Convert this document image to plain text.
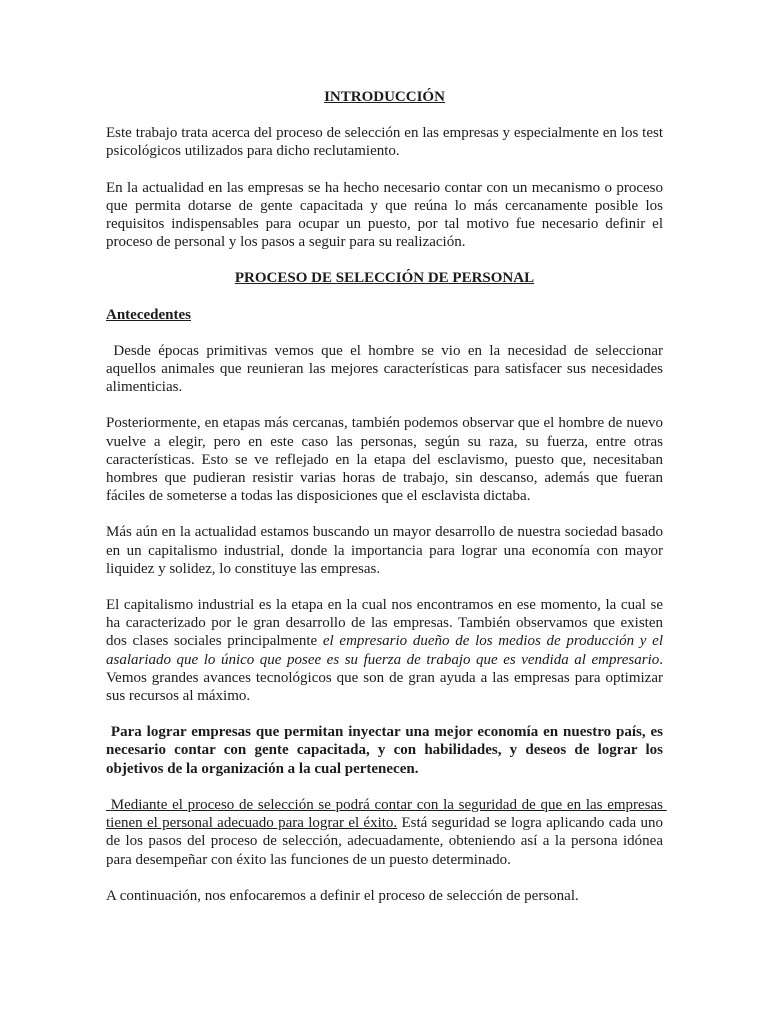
INTRODUCCIÓN

Este trabajo trata acerca del proceso de selección en las empresas y especialmente en los test psicológicos utilizados para dicho reclutamiento.

En la actualidad en las empresas se ha hecho necesario contar con un mecanismo o proceso que permita dotarse de gente capacitada y que reúna lo más cercanamente posible los requisitos indispensables para ocupar un puesto, por tal motivo fue necesario definir el proceso de personal y los pasos a seguir para su realización.

PROCESO DE SELECCIÓN DE PERSONAL
Antecedentes

Desde épocas primitivas vemos que el hombre se vio en la necesidad de seleccionar aquellos animales que reunieran las mejores características para satisfacer sus necesidades alimenticias.

Posteriormente, en etapas más cercanas, también podemos observar que el hombre de nuevo vuelve a elegir, pero en este caso las personas, según su raza, su fuerza, entre otras características. Esto se ve reflejado en la etapa del esclavismo, puesto que, necesitaban hombres que pudieran resistir varias horas de trabajo, sin descanso, además que fueran fáciles de someterse a todas las disposiciones que el esclavista dictaba.

Más aún en la actualidad estamos buscando un mayor desarrollo de nuestra sociedad basado en un capitalismo industrial, donde la importancia para lograr una economía con mayor liquidez y solidez, lo constituye las empresas.

El capitalismo industrial es la etapa en la cual nos encontramos en ese momento, la cual se ha caracterizado por le gran desarrollo de las empresas. También observamos que existen dos clases sociales principalmente el empresario dueño de los medios de producción y el asalariado que lo único que posee es su fuerza de trabajo que es vendida al empresario. Vemos grandes avances tecnológicos que son de gran ayuda a las empresas para optimizar sus recursos al máximo.

Para lograr empresas que permitan inyectar una mejor economía en nuestro país, es necesario contar con gente capacitada, y con habilidades, y deseos de lograr los objetivos de la organización a la cual pertenecen.

Mediante el proceso de selección se podrá contar con la seguridad de que en las empresas tienen el personal adecuado para lograr el éxito. Está seguridad se logra aplicando cada uno de los pasos del proceso de selección, adecuadamente, obteniendo así a la persona idónea para desempeñar con éxito las funciones de un puesto determinado.

A continuación, nos enfocaremos a definir el proceso de selección de personal.
